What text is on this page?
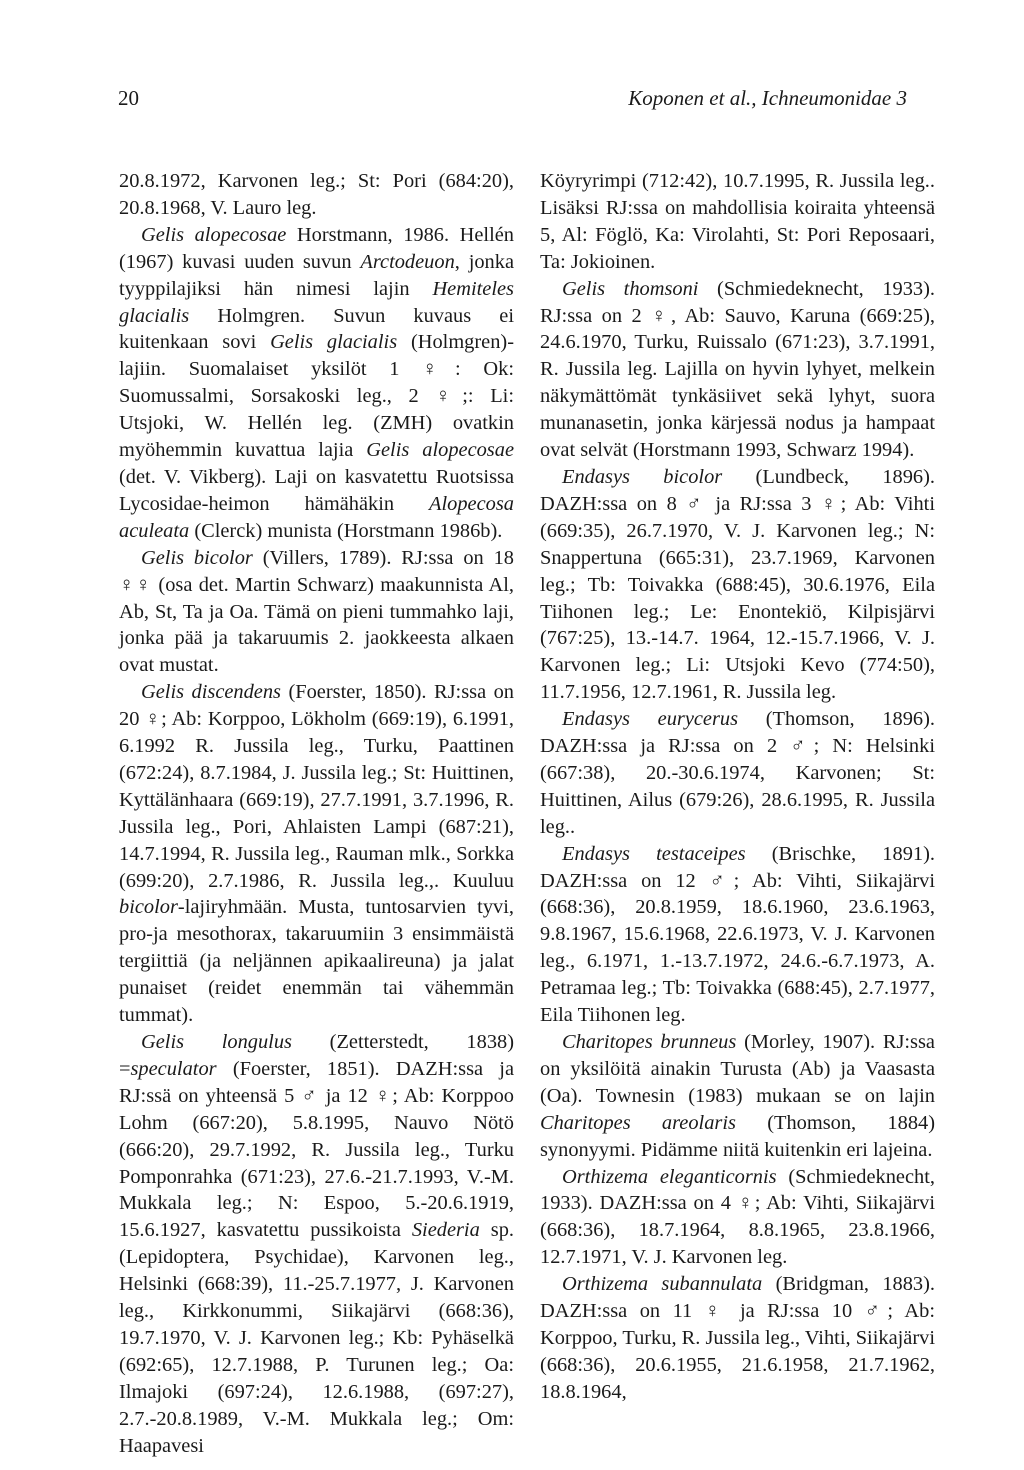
20	Koponen et al., Ichneumonidae 3

20.8.1972, Karvonen leg.; St: Pori (684:20), 20.8.1968, V. Lauro leg.

Gelis alopecosae Horstmann, 1986. Hellén (1967) kuvasi uuden suvun Arctodeuon, jonka tyyppilajiksi hän nimesi lajin Hemiteles glacialis Holmgren. Suvun kuvaus ei kuitenkaan sovi Gelis glacialis (Holmgren)-lajiin. Suomalaiset yksilöt 1 ♀: Ok: Suomussalmi, Sorsakoski leg., 2 ♀;: Li: Utsjoki, W. Hellén leg. (ZMH) ovatkin myöhemmin kuvattua lajia Gelis alopecosae (det. V. Vikberg). Laji on kasvatettu Ruotsissa Lycosidae-heimon hämähäkin Alopecosa aculeata (Clerck) munista (Horstmann 1986b).

Gelis bicolor (Villers, 1789). RJ:ssa on 18 ♀♀ (osa det. Martin Schwarz) maakunnista Al, Ab, St, Ta ja Oa. Tämä on pieni tummahko laji, jonka pää ja takaruumis 2. jaokkeesta alkaen ovat mustat.

Gelis discendens (Foerster, 1850). RJ:ssa on 20 ♀; Ab: Korppoo, Lökholm (669:19), 6.1991, 6.1992 R. Jussila leg., Turku, Paattinen (672:24), 8.7.1984, J. Jussila leg.; St: Huittinen, Kyttälänhaara (669:19), 27.7.1991, 3.7.1996, R. Jussila leg., Pori, Ahlaisten Lampi (687:21), 14.7.1994, R. Jussila leg., Rauman mlk., Sorkka (699:20), 2.7.1986, R. Jussila leg.,. Kuuluu bicolor-lajiryhmään. Musta, tuntosarvien tyvi, pro-ja mesothorax, takaruumiin 3 ensimmäistä tergiittiä (ja neljännen apikaalireuna) ja jalat punaiset (reidet enemmän tai vähemmän tummat).

Gelis longulus (Zetterstedt, 1838) =speculator (Foerster, 1851). DAZH:ssa ja RJ:ssä on yhteensä 5 ♂ ja 12 ♀; Ab: Korppoo Lohm (667:20), 5.8.1995, Nauvo Nötö (666:20), 29.7.1992, R. Jussila leg., Turku Pomponrahka (671:23), 27.6.-21.7.1993, V.-M. Mukkala leg.; N: Espoo, 5.-20.6.1919, 15.6.1927, kasvatettu pussikoista Siederia sp. (Lepidoptera, Psychidae), Karvonen leg., Helsinki (668:39), 11.-25.7.1977, J. Karvonen leg., Kirkkonummi, Siikajärvi (668:36), 19.7.1970, V. J. Karvonen leg.; Kb: Pyhäselkä (692:65), 12.7.1988, P. Turunen leg.; Oa: Ilmajoki (697:24), 12.6.1988, (697:27), 2.7.-20.8.1989, V.-M. Mukkala leg.; Om: Haapavesi

Köyryrimpi (712:42), 10.7.1995, R. Jussila leg.. Lisäksi RJ:ssa on mahdollisia koiraita yhteensä 5, Al: Föglö, Ka: Virolahti, St: Pori Reposaari, Ta: Jokioinen.

Gelis thomsoni (Schmiedeknecht, 1933). RJ:ssa on 2 ♀, Ab: Sauvo, Karuna (669:25), 24.6.1970, Turku, Ruissalo (671:23), 3.7.1991, R. Jussila leg. Lajilla on hyvin lyhyet, melkein näkymättömät tynkäsiivet sekä lyhyt, suora munanasetin, jonka kärjessä nodus ja hampaat ovat selvät (Horstmann 1993, Schwarz 1994).

Endasys bicolor (Lundbeck, 1896). DAZH:ssa on 8 ♂ ja RJ:ssa 3 ♀; Ab: Vihti (669:35), 26.7.1970, V. J. Karvonen leg.; N: Snappertuna (665:31), 23.7.1969, Karvonen leg.; Tb: Toivakka (688:45), 30.6.1976, Eila Tiihonen leg.; Le: Enontekiö, Kilpisjärvi (767:25), 13.-14.7. 1964, 12.-15.7.1966, V. J. Karvonen leg.; Li: Utsjoki Kevo (774:50), 11.7.1956, 12.7.1961, R. Jussila leg.

Endasys eurycerus (Thomson, 1896). DAZH:ssa ja RJ:ssa on 2 ♂; N: Helsinki (667:38), 20.-30.6.1974, Karvonen; St: Huittinen, Ailus (679:26), 28.6.1995, R. Jussila leg..

Endasys testaceipes (Brischke, 1891). DAZH:ssa on 12 ♂; Ab: Vihti, Siikajärvi (668:36), 20.8.1959, 18.6.1960, 23.6.1963, 9.8.1967, 15.6.1968, 22.6.1973, V. J. Karvonen leg., 6.1971, 1.-13.7.1972, 24.6.-6.7.1973, A. Petramaa leg.; Tb: Toivakka (688:45), 2.7.1977, Eila Tiihonen leg.

Charitopes brunneus (Morley, 1907). RJ:ssa on yksilöitä ainakin Turusta (Ab) ja Vaasasta (Oa). Townesin (1983) mukaan se on lajin Charitopes areolaris (Thomson, 1884) synonyymi. Pidämme niitä kuitenkin eri lajeina.

Orthizema eleganticornis (Schmiedeknecht, 1933). DAZH:ssa on 4 ♀; Ab: Vihti, Siikajärvi (668:36), 18.7.1964, 8.8.1965, 23.8.1966, 12.7.1971, V. J. Karvonen leg.

Orthizema subannulata (Bridgman, 1883). DAZH:ssa on 11 ♀ ja RJ:ssa 10 ♂; Ab: Korppoo, Turku, R. Jussila leg., Vihti, Siikajärvi (668:36), 20.6.1955, 21.6.1958, 21.7.1962, 18.8.1964,
